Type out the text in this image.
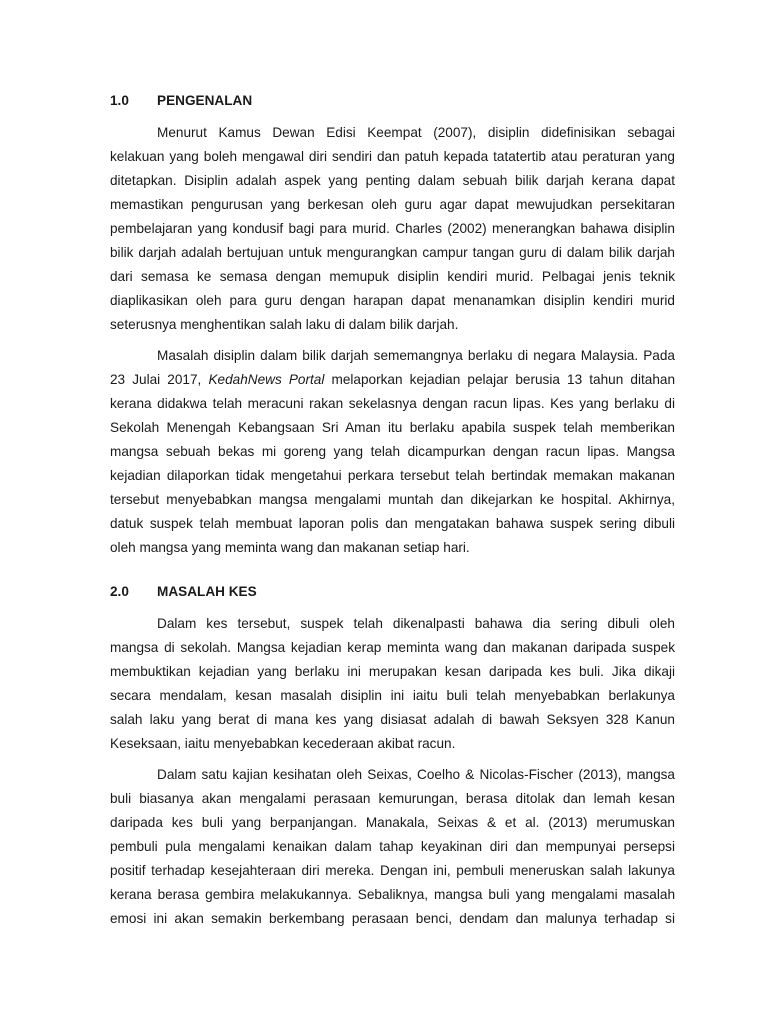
1.0 PENGENALAN
Menurut Kamus Dewan Edisi Keempat (2007), disiplin didefinisikan sebagai
kelakuan yang boleh mengawal diri sendiri dan patuh kepada tatatertib atau peraturan yang
ditetapkan. Disiplin adalah aspek yang penting dalam sebuah bilik darjah kerana dapat
memastikan pengurusan yang berkesan oleh guru agar dapat mewujudkan persekitaran
pembelajaran yang kondusif bagi para murid. Charles (2002) menerangkan bahawa disiplin
bilik darjah adalah bertujuan untuk mengurangkan campur tangan guru di dalam bilik darjah
dari semasa ke semasa dengan memupuk disiplin kendiri murid. Pelbagai jenis teknik
diaplikasikan oleh para guru dengan harapan dapat menanamkan disiplin kendiri murid
seterusnya menghentikan salah laku di dalam bilik darjah.
Masalah disiplin dalam bilik darjah sememangnya berlaku di negara Malaysia. Pada
23 Julai 2017, KedahNews Portal melaporkan kejadian pelajar berusia 13 tahun ditahan
kerana didakwa telah meracuni rakan sekelasnya dengan racun lipas. Kes yang berlaku di
Sekolah Menengah Kebangsaan Sri Aman itu berlaku apabila suspek telah memberikan
mangsa sebuah bekas mi goreng yang telah dicampurkan dengan racun lipas. Mangsa
kejadian dilaporkan tidak mengetahui perkara tersebut telah bertindak memakan makanan
tersebut menyebabkan mangsa mengalami muntah dan dikejarkan ke hospital. Akhirnya,
datuk suspek telah membuat laporan polis dan mengatakan bahawa suspek sering dibuli
oleh mangsa yang meminta wang dan makanan setiap hari.
2.0 MASALAH KES
Dalam kes tersebut, suspek telah dikenalpasti bahawa dia sering dibuli oleh
mangsa di sekolah. Mangsa kejadian kerap meminta wang dan makanan daripada suspek
membuktikan kejadian yang berlaku ini merupakan kesan daripada kes buli. Jika dikaji
secara mendalam, kesan masalah disiplin ini iaitu buli telah menyebabkan berlakunya
salah laku yang berat di mana kes yang disiasat adalah di bawah Seksyen 328 Kanun
Keseksaan, iaitu menyebabkan kecederaan akibat racun.
Dalam satu kajian kesihatan oleh Seixas, Coelho & Nicolas-Fischer (2013), mangsa
buli biasanya akan mengalami perasaan kemurungan, berasa ditolak dan lemah kesan
daripada kes buli yang berpanjangan. Manakala, Seixas & et al. (2013) merumuskan
pembuli pula mengalami kenaikan dalam tahap keyakinan diri dan mempunyai persepsi
positif terhadap kesejahteraan diri mereka. Dengan ini, pembuli meneruskan salah lakunya
kerana berasa gembira melakukannya. Sebaliknya, mangsa buli yang mengalami masalah
emosi ini akan semakin berkembang perasaan benci, dendam dan malunya terhadap si
